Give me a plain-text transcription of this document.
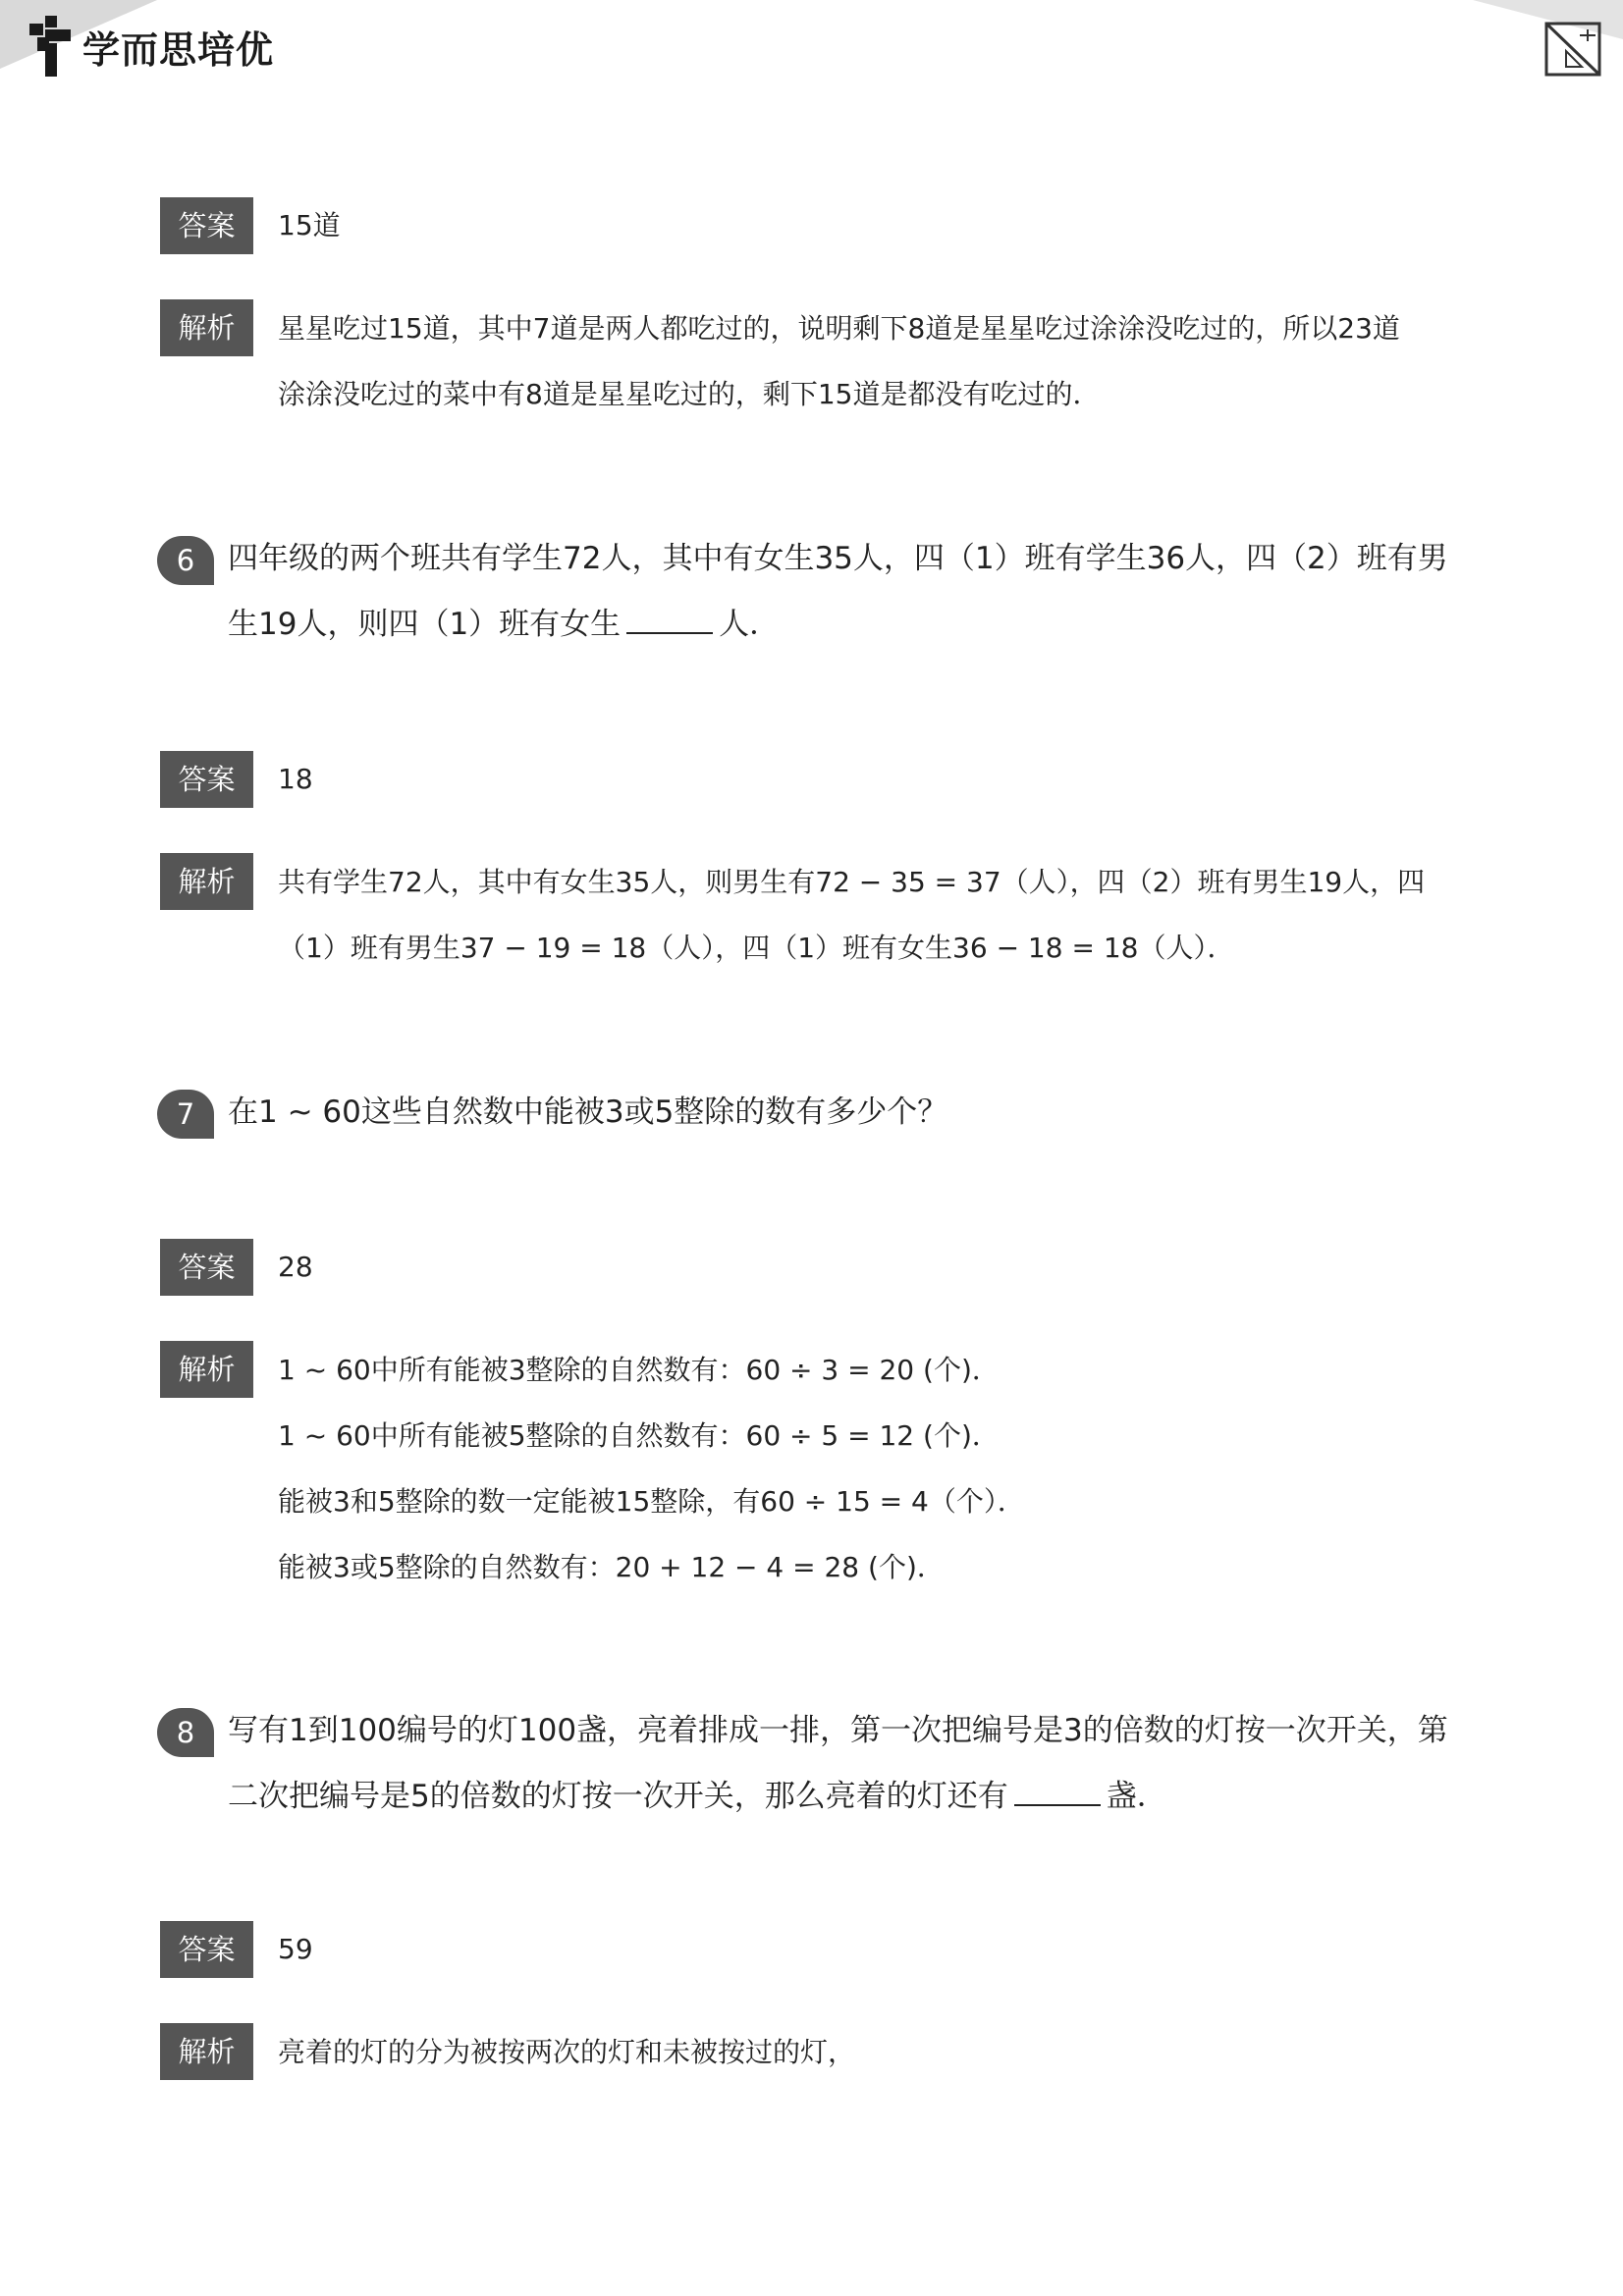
学而思培优
答案	15道
解析	星星吃过15道，其中7道是两人都吃过的，说明剩下8道是星星吃过涂涂没吃过的，所以23道
涂涂没吃过的菜中有8道是星星吃过的，剩下15道是都没有吃过的．
6	四年级的两个班共有学生72人，其中有女生35人，四（1）班有学生36人，四（2）班有男
生19人，则四（1）班有女生	人．
答案	18
解析	共有学生72人，其中有女生35人，则男生有72 − 35 = 37（人），四（2）班有男生19人，四
（1）班有男生37 − 19 = 18（人），四（1）班有女生36 − 18 = 18（人）．
7	在1 ~ 60这些自然数中能被3或5整除的数有多少个？
答案	28
解析	1 ~ 60中所有能被3整除的自然数有：60 ÷ 3 = 20 (个)．
1 ~ 60中所有能被5整除的自然数有：60 ÷ 5 = 12 (个)．
能被3和5整除的数一定能被15整除，有60 ÷ 15 = 4（个）．
能被3或5整除的自然数有：20 + 12 − 4 = 28 (个)．
8	写有1到100编号的灯100盏，亮着排成一排，第一次把编号是3的倍数的灯按一次开关，第
二次把编号是5的倍数的灯按一次开关，那么亮着的灯还有	盏．
答案	59
解析	亮着的灯的分为被按两次的灯和未被按过的灯，
